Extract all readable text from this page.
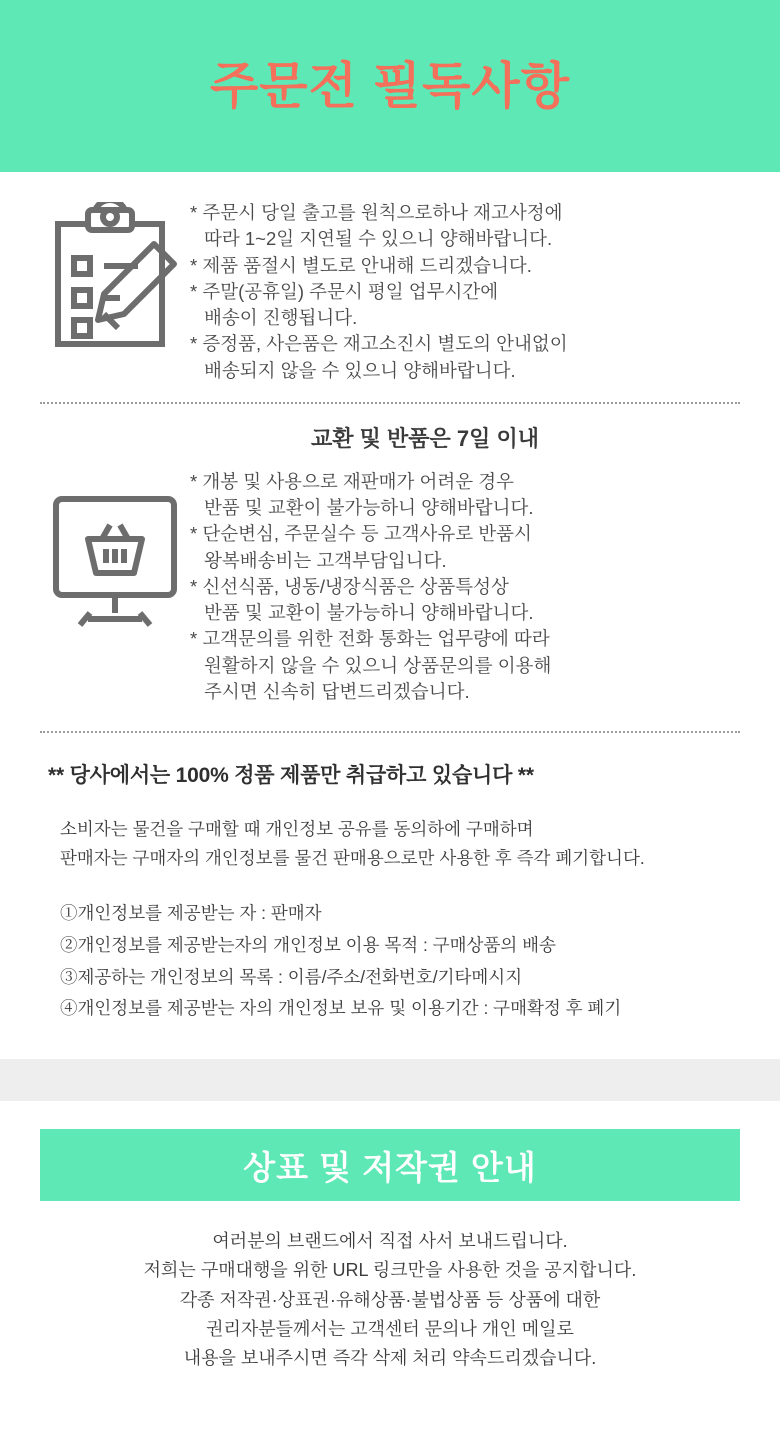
주문전 필독사항
* 주문시 당일 출고를 원칙으로하나 재고사정에
따라 1~2일 지연될 수 있으니 양해바랍니다.
* 제품 품절시 별도로 안내해 드리겠습니다.
* 주말(공휴일) 주문시 평일 업무시간에
배송이 진행됩니다.
* 증정품, 사은품은 재고소진시 별도의 안내없이
배송되지 않을 수 있으니 양해바랍니다.
교환 및 반품은 7일 이내
* 개봉 및 사용으로 재판매가 어려운 경우
반품 및 교환이 불가능하니 양해바랍니다.
* 단순변심, 주문실수 등 고객사유로 반품시
왕복배송비는 고객부담입니다.
* 신선식품, 냉동/냉장식품은 상품특성상
반품 및 교환이 불가능하니 양해바랍니다.
* 고객문의를 위한 전화 통화는 업무량에 따라
원활하지 않을 수 있으니 상품문의를 이용해
주시면 신속히 답변드리겠습니다.
** 당사에서는 100% 정품 제품만 취급하고 있습니다 **
소비자는 물건을 구매할 때 개인정보 공유를 동의하에 구매하며
판매자는 구매자의 개인정보를 물건 판매용으로만 사용한 후 즉각 폐기합니다.
①개인정보를 제공받는 자 : 판매자
②개인정보를 제공받는자의 개인정보 이용 목적 : 구매상품의 배송
③제공하는 개인정보의 목록 : 이름/주소/전화번호/기타메시지
④개인정보를 제공받는 자의 개인정보 보유 및 이용기간 : 구매확정 후 폐기
상표 및 저작권 안내
여러분의 브랜드에서 직접 사서 보내드립니다.
저희는 구매대행을 위한 URL 링크만을 사용한 것을 공지합니다.
각종 저작권·상표권·유해상품·불법상품 등 상품에 대한
권리자분들께서는 고객센터 문의나 개인 메일로
내용을 보내주시면 즉각 삭제 처리 약속드리겠습니다.
